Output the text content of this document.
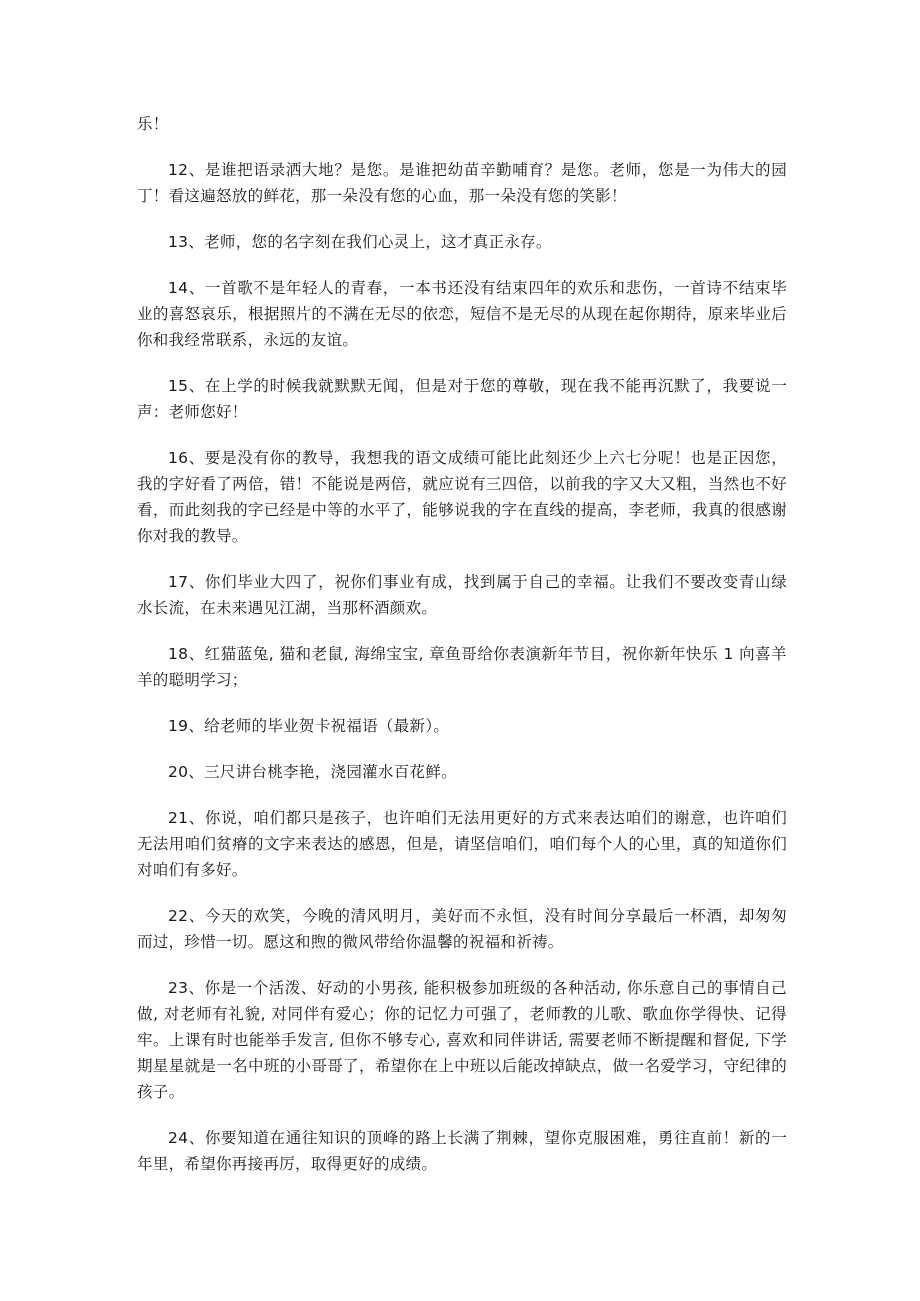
乐！

12、是谁把语录洒大地？是您。是谁把幼苗辛勤哺育？是您。老师，您是一为伟大的园丁！看这遍怒放的鲜花，那一朵没有您的心血，那一朵没有您的笑影！

13、老师，您的名字刻在我们心灵上，这才真正永存。

14、一首歌不是年轻人的青春，一本书还没有结束四年的欢乐和悲伤，一首诗不结束毕业的喜怒哀乐，根据照片的不满在无尽的依恋，短信不是无尽的从现在起你期待，原来毕业后你和我经常联系，永远的友谊。

15、在上学的时候我就默默无闻，但是对于您的尊敬，现在我不能再沉默了，我要说一声：老师您好！

16、要是没有你的教导，我想我的语文成绩可能比此刻还少上六七分呢！也是正因您，我的字好看了两倍，错！不能说是两倍，就应说有三四倍，以前我的字又大又粗，当然也不好看，而此刻我的字已经是中等的水平了，能够说我的字在直线的提高，李老师，我真的很感谢你对我的教导。

17、你们毕业大四了，祝你们事业有成，找到属于自己的幸福。让我们不要改变青山绿水长流，在未来遇见江湖，当那杯酒颜欢。

18、红猫蓝兔, 猫和老鼠, 海绵宝宝, 章鱼哥给你表演新年节目，祝你新年快乐 1 向喜羊羊的聪明学习；

19、给老师的毕业贺卡祝福语（最新）。

20、三尺讲台桃李艳，浇园灌水百花鲜。

21、你说，咱们都只是孩子，也许咱们无法用更好的方式来表达咱们的谢意，也许咱们无法用咱们贫瘠的文字来表达的感恩，但是，请坚信咱们，咱们每个人的心里，真的知道你们对咱们有多好。

22、今天的欢笑，今晚的清风明月，美好而不永恒，没有时间分享最后一杯酒，却匆匆而过，珍惜一切。愿这和煦的微风带给你温馨的祝福和祈祷。

23、你是一个活泼、好动的小男孩, 能积极参加班级的各种活动, 你乐意自己的事情自己做, 对老师有礼貌, 对同伴有爱心；你的记忆力可强了，老师教的儿歌、歌血你学得快、记得牢。上课有时也能举手发言, 但你不够专心, 喜欢和同伴讲话, 需要老师不断提醒和督促, 下学期星星就是一名中班的小哥哥了，希望你在上中班以后能改掉缺点，做一名爱学习，守纪律的孩子。

24、你要知道在通往知识的顶峰的路上长满了荆棘，望你克服困难，勇往直前！新的一年里，希望你再接再厉，取得更好的成绩。
